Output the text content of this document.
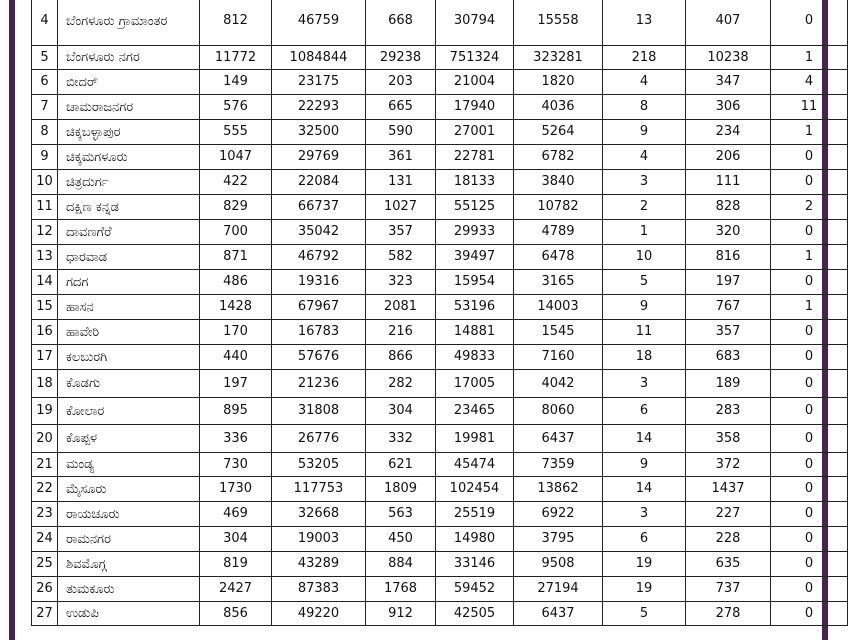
4	ಬೆಂಗಳೂರು ಗ್ರಾಮಾಂತರ	812	46759	668	30794	15558	13	407	0
5	ಬೆಂಗಳೂರು ನಗರ	11772	1084844	29238	751324	323281	218	10238	1
6	ಬೀದರ್	149	23175	203	21004	1820	4	347	4
7	ಚಾಮರಾಜನಗರ	576	22293	665	17940	4036	8	306	11
8	ಚಿಕ್ಕಬಳ್ಳಾಪುರ	555	32500	590	27001	5264	9	234	1
9	ಚಿಕ್ಕಮಗಳೂರು	1047	29769	361	22781	6782	4	206	0
10	ಚಿತ್ರದುರ್ಗ	422	22084	131	18133	3840	3	111	0
11	ದಕ್ಷಿಣ ಕನ್ನಡ	829	66737	1027	55125	10782	2	828	2
12	ದಾವಣಗೆರೆ	700	35042	357	29933	4789	1	320	0
13	ಧಾರವಾಡ	871	46792	582	39497	6478	10	816	1
14	ಗದಗ	486	19316	323	15954	3165	5	197	0
15	ಹಾಸನ	1428	67967	2081	53196	14003	9	767	1
16	ಹಾವೇರಿ	170	16783	216	14881	1545	11	357	0
17	ಕಲಬುರಗಿ	440	57676	866	49833	7160	18	683	0
18	ಕೊಡಗು	197	21236	282	17005	4042	3	189	0
19	ಕೋಲಾರ	895	31808	304	23465	8060	6	283	0
20	ಕೊಪ್ಪಳ	336	26776	332	19981	6437	14	358	0
21	ಮಂಡ್ಯ	730	53205	621	45474	7359	9	372	0
22	ಮೈಸೂರು	1730	117753	1809	102454	13862	14	1437	0
23	ರಾಯಚೂರು	469	32668	563	25519	6922	3	227	0
24	ರಾಮನಗರ	304	19003	450	14980	3795	6	228	0
25	ಶಿವಮೊಗ್ಗ	819	43289	884	33146	9508	19	635	0
26	ತುಮಕೂರು	2427	87383	1768	59452	27194	19	737	0
27	ಉಡುಪಿ	856	49220	912	42505	6437	5	278	0
